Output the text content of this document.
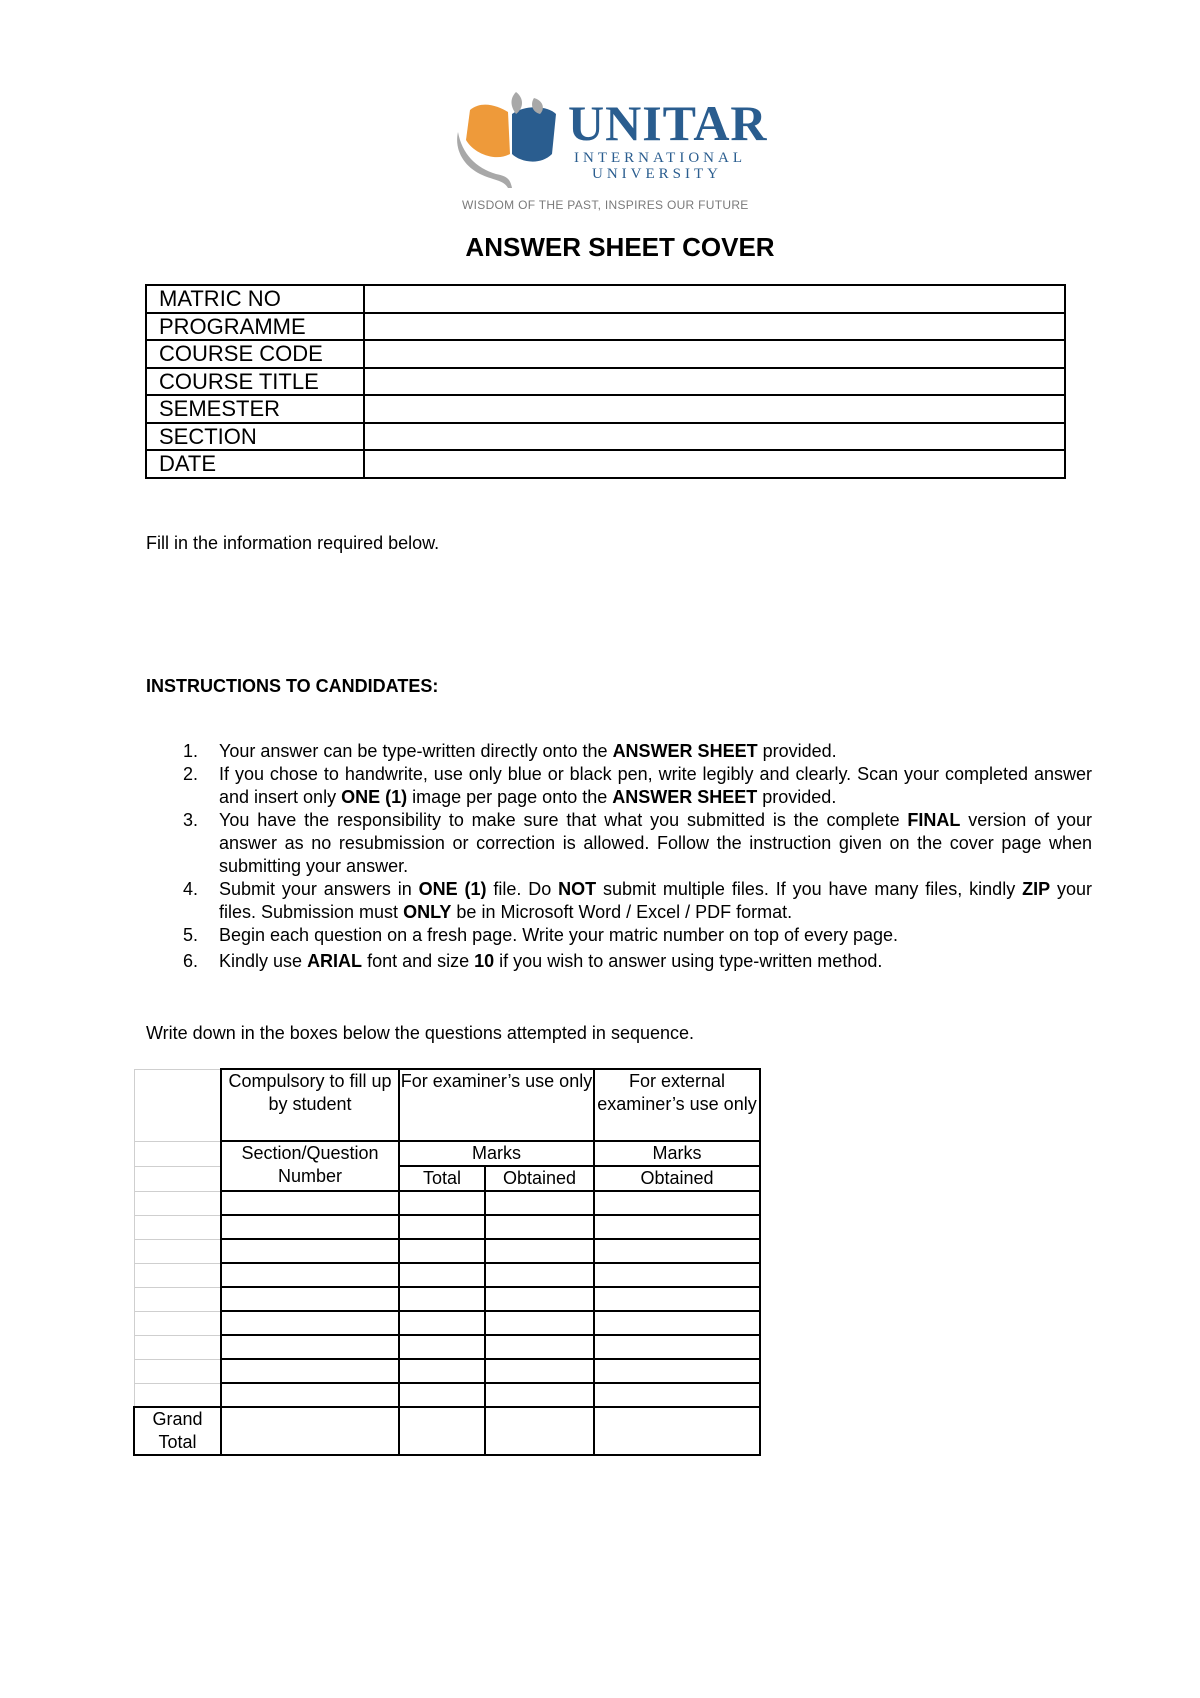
UNITAR
INTERNATIONAL
UNIVERSITY
WISDOM OF THE PAST, INSPIRES OUR FUTURE
ANSWER SHEET COVER
MATRIC NO	
PROGRAMME	
COURSE CODE	
COURSE TITLE	
SEMESTER	
SECTION	
DATE	
Fill in the information required below.
INSTRUCTIONS TO CANDIDATES:
1. Your answer can be type-written directly onto the ANSWER SHEET provided.
2. If you chose to handwrite, use only blue or black pen, write legibly and clearly. Scan your completed answer and insert only ONE (1) image per page onto the ANSWER SHEET provided.
3. You have the responsibility to make sure that what you submitted is the complete FINAL version of your answer as no resubmission or correction is allowed. Follow the instruction given on the cover page when submitting your answer.
4. Submit your answers in ONE (1) file. Do NOT submit multiple files. If you have many files, kindly ZIP your files. Submission must ONLY be in Microsoft Word / Excel / PDF format.
5. Begin each question on a fresh page. Write your matric number on top of every page.
6. Kindly use ARIAL font and size 10 if you wish to answer using type-written method.
Write down in the boxes below the questions attempted in sequence.
	Compulsory to fill up by student	For examiner’s use only		For external examiner’s use only
	Section/Question Number	Marks		Marks
		Total	Obtained	Obtained

Grand Total				
